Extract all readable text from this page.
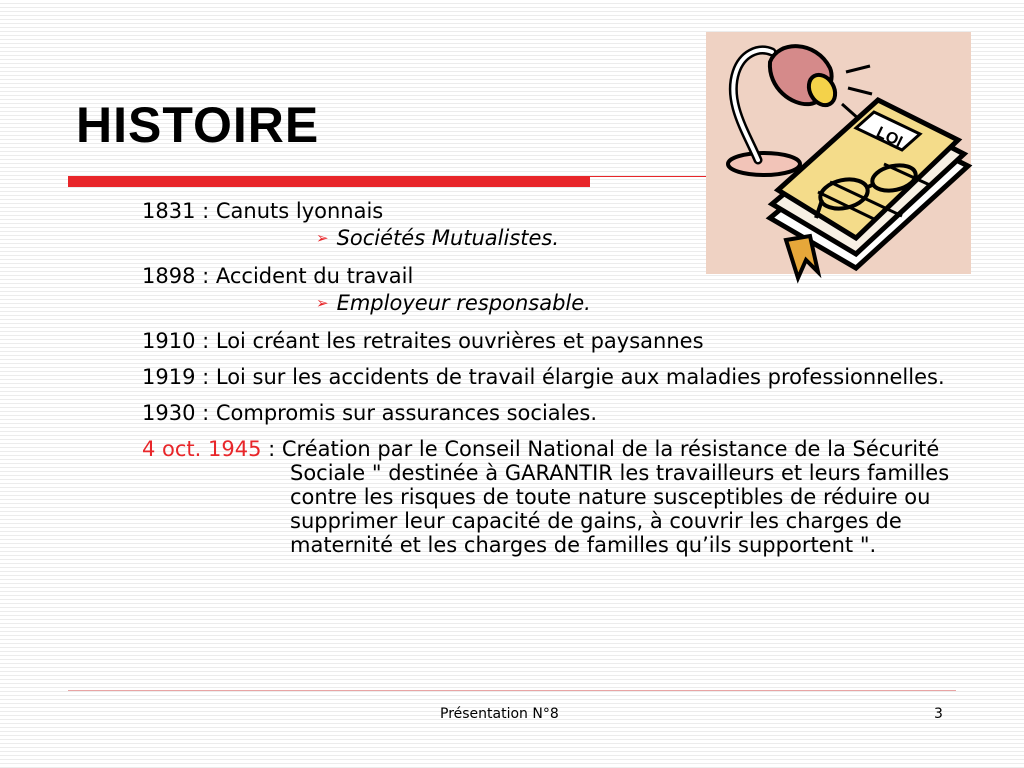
HISTOIRE	LOI

1831 : Canuts lyonnais

➢ Sociétés Mutualistes.

1898 : Accident du travail

➢ Employeur responsable.

1910 : Loi créant les retraites ouvrières et paysannes

1919 : Loi sur les accidents de travail élargie aux maladies professionnelles.

1930 : Compromis sur assurances sociales.

4 oct. 1945 : Création par le Conseil National de la résistance de la Sécurité Sociale " destinée à GARANTIR les travailleurs et leurs familles contre les risques de toute nature susceptibles de réduire ou supprimer leur capacité de gains, à couvrir les charges de maternité et les charges de familles qu’ils supportent ".

Présentation N°8	3
